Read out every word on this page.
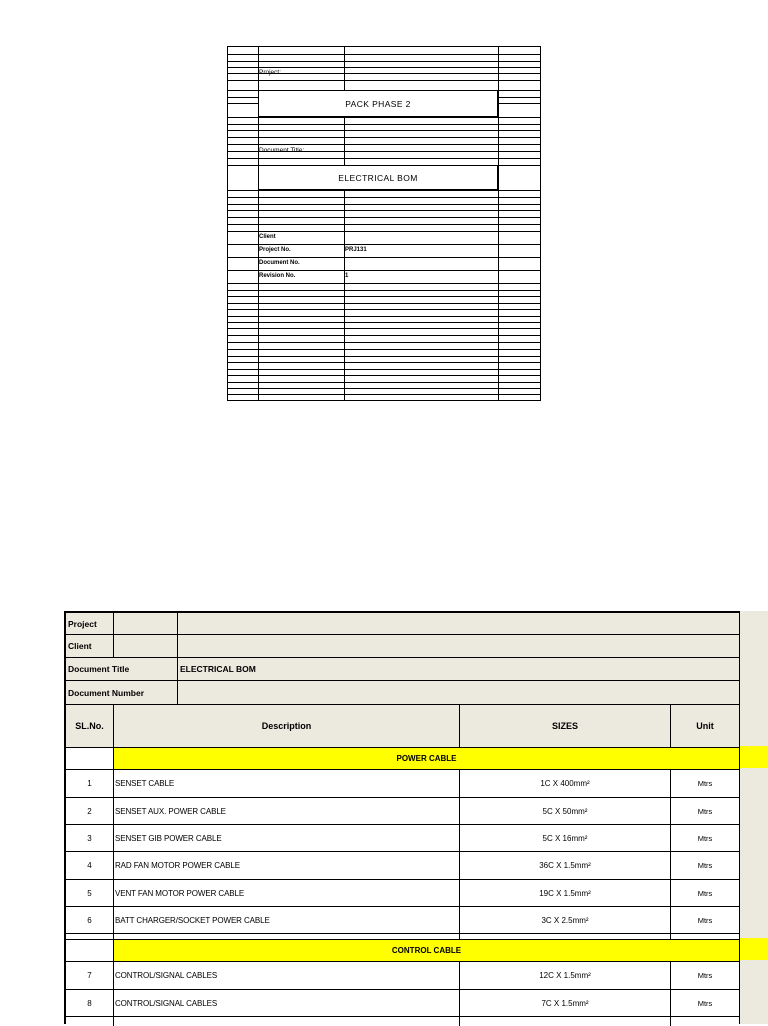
PACK PHASE 2
ELECTRICAL BOM
Project:
Document Title:
Client
Project No.	PRJ131
Document No.
Revision No.	1
Project
Client
Document Title	ELECTRICAL BOM
Document Number
SL.No.	Description	SIZES	Unit
POWER CABLE
1	SENSET CABLE	1C X 400mm²	Mtrs
2	SENSET AUX. POWER CABLE	5C X 50mm²	Mtrs
3	SENSET GIB POWER CABLE	5C X 16mm²	Mtrs
4	RAD FAN MOTOR POWER CABLE	36C X 1.5mm²	Mtrs
5	VENT FAN MOTOR POWER CABLE	19C X 1.5mm²	Mtrs
6	BATT CHARGER/SOCKET POWER CABLE	3C X 2.5mm²	Mtrs
CONTROL CABLE
7	CONTROL/SIGNAL CABLES	12C X 1.5mm²	Mtrs
8	CONTROL/SIGNAL CABLES	7C X 1.5mm²	Mtrs
